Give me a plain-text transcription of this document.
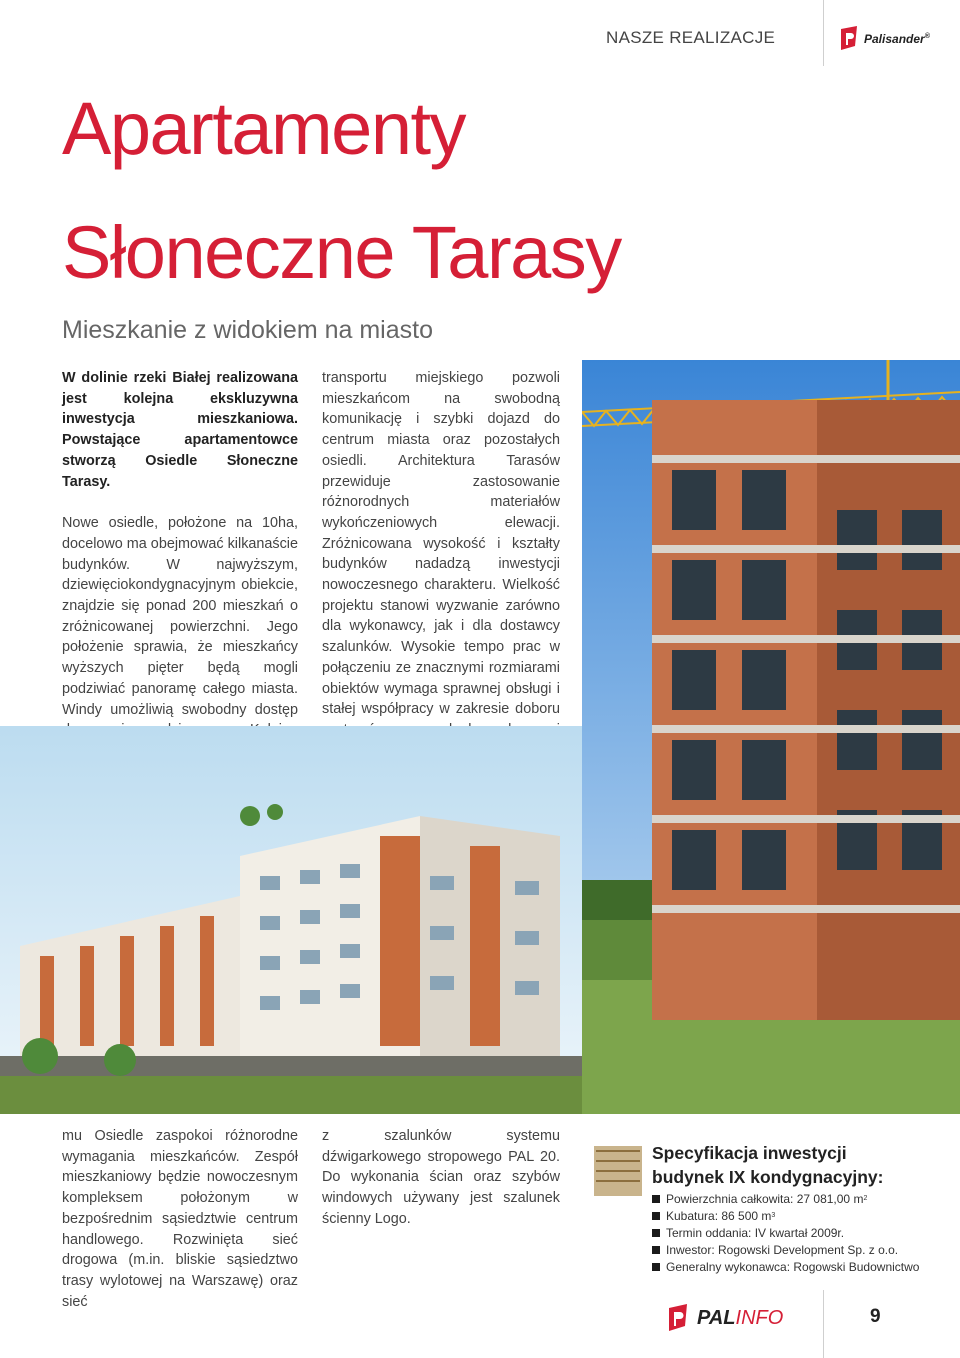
NASZE REALIZACJE	Palisander®
Apartamenty
Słoneczne Tarasy
Mieszkanie z widokiem na miasto

W dolinie rzeki Białej realizowana jest kolejna ekskluzywna inwestycja mieszkaniowa. Powstające apartamentowce stworzą Osiedle Słoneczne Tarasy.

Nowe osiedle, położone na 10ha, docelowo ma obejmować kilkanaście budynków. W najwyższym, dziewięciokondygnacyjnym obiekcie, znajdzie się ponad 200 mieszkań o zróżnicowanej powierzchni. Jego położenie sprawia, że mieszkańcy wyższych pięter będą mogli podziwiać panoramę całego miasta. Windy umożliwią swobodny dostęp

transportu miejskiego pozwoli mieszkańcom na swobodną komunikację i szybki dojazd do centrum miasta oraz pozostałych osiedli. Architektura Tarasów przewiduje zastosowanie różnorodnych materiałów wykończeniowych elewacji. Zróżnicowana wysokość i kształty budynków nadadzą inwestycji nowoczesnego charakteru. Wielkość projektu stanowi wyzwanie zarówno dla wykonawcy, jak i dla dostawcy szalunków. Wysokie tempo prac w połączeniu ze znacznymi rozmiarami obiektów wymaga sprawnej obsługi i stałej współpracy w zakresie doboru

mu Osiedle zaspokoi różnorodne wymagania mieszkańców. Zespół mieszkaniowy będzie nowoczesnym kompleksem położonym w bezpośrednim sąsiedztwie centrum handlowego. Rozwinięta sieć drogowa (m.in. bliskie sąsiedztwo trasy wylotowej na Warszawę) oraz sieć

z szalunków systemu dźwigarkowego stropowego PAL 20. Do wykonania ścian oraz szybów windowych używany jest szalunek ścienny Logo.

Specyfikacja inwestycji
budynek IX kondygnacyjny:
Powierzchnia całkowita: 27 081,00 m 2
Kubatura: 86 500 m 3
Termin oddania: IV kwartał 2009r.
Inwestor: Rogowski Development Sp. z o.o.
Generalny wykonawca: Rogowski Budownictwo
PALINFO	9
